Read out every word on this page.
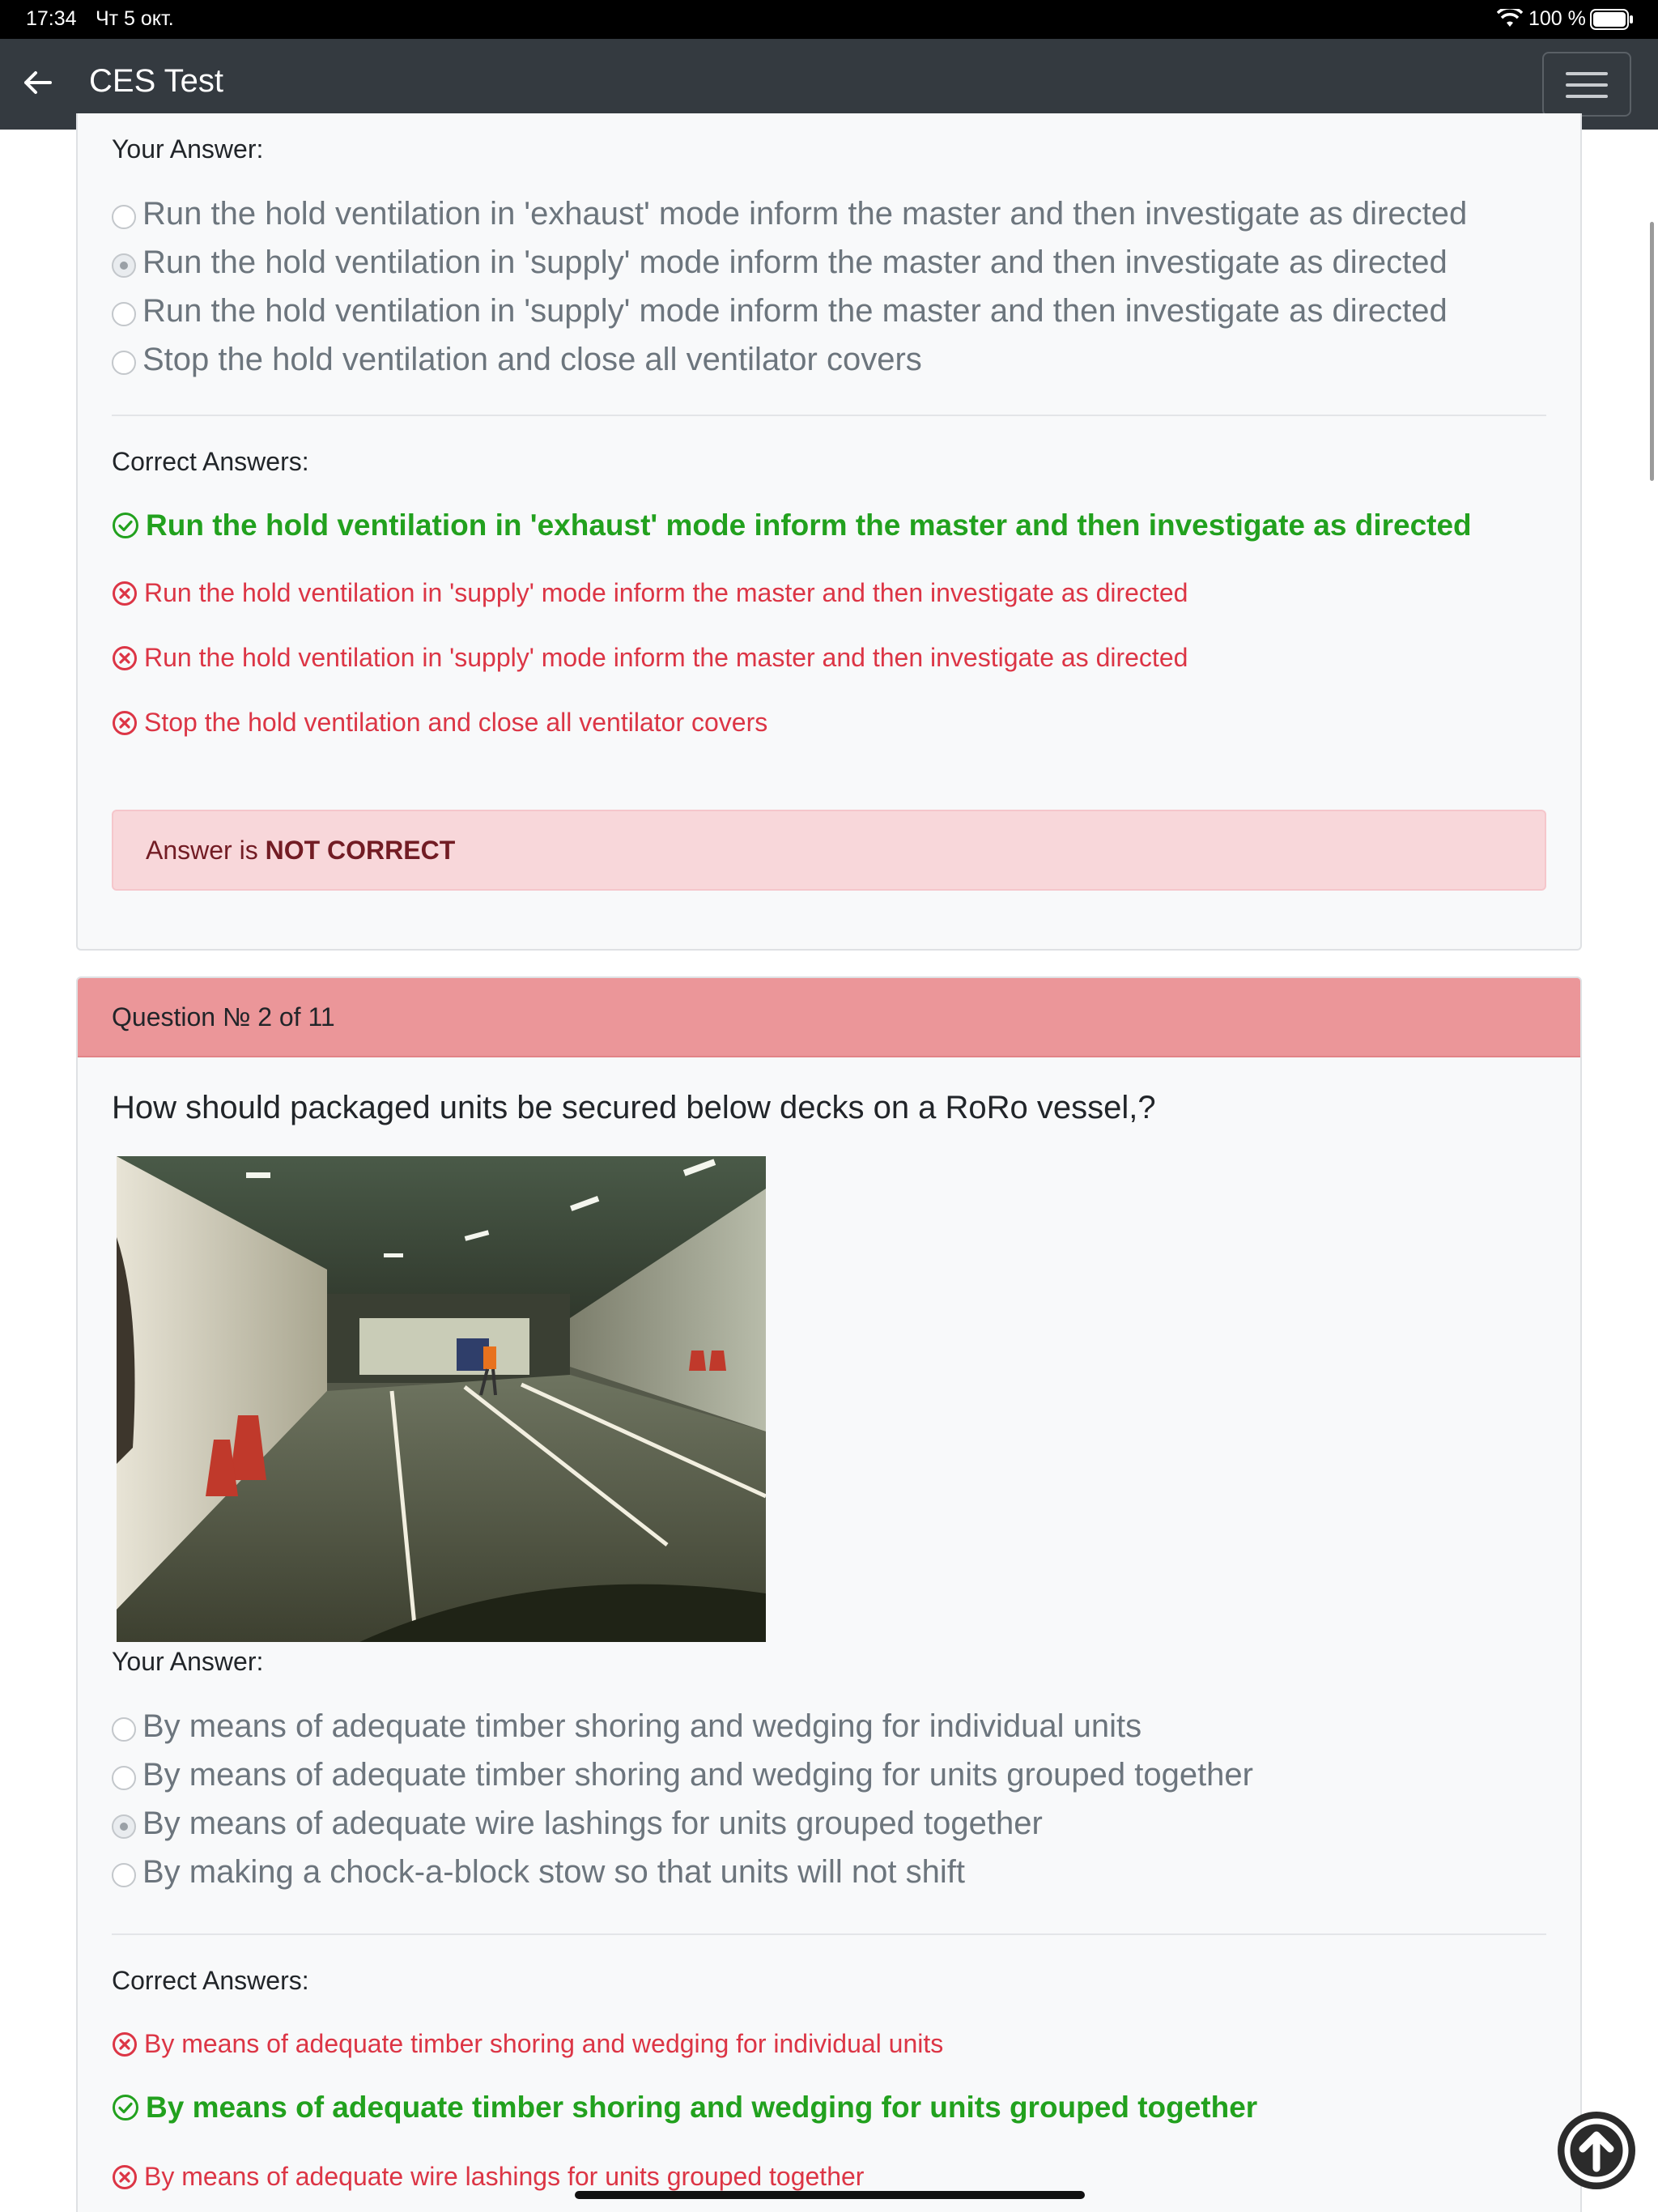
17:34 Чт 5 окт.	100 %
CES Test
Your Answer:
Run the hold ventilation in 'exhaust' mode inform the master and then investigate as directed
Run the hold ventilation in 'supply' mode inform the master and then investigate as directed
Run the hold ventilation in 'supply' mode inform the master and then investigate as directed
Stop the hold ventilation and close all ventilator covers
Correct Answers:
Run the hold ventilation in 'exhaust' mode inform the master and then investigate as directed
Run the hold ventilation in 'supply' mode inform the master and then investigate as directed
Run the hold ventilation in 'supply' mode inform the master and then investigate as directed
Stop the hold ventilation and close all ventilator covers
Answer is NOT CORRECT
Question № 2 of 11
How should packaged units be secured below decks on a RoRo vessel,?
Your Answer:
By means of adequate timber shoring and wedging for individual units
By means of adequate timber shoring and wedging for units grouped together
By means of adequate wire lashings for units grouped together
By making a chock-a-block stow so that units will not shift
Correct Answers:
By means of adequate timber shoring and wedging for individual units
By means of adequate timber shoring and wedging for units grouped together
By means of adequate wire lashings for units grouped together
